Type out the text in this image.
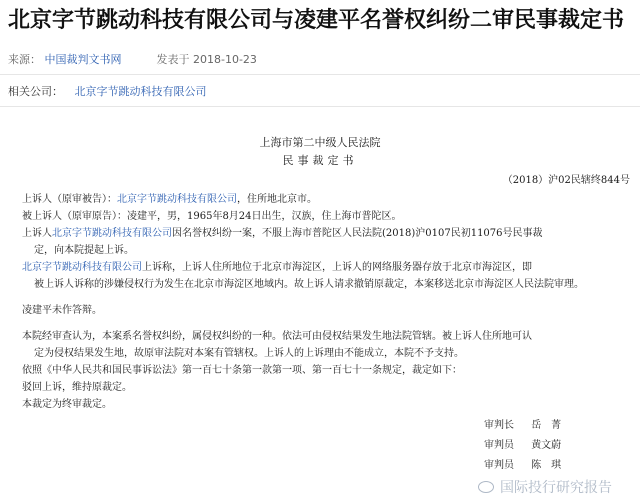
北京字节跳动科技有限公司与凌建平名誉权纠纷二审民事裁定书
来源： 中国裁判文书网	发表于 2018-10-23
相关公司： 北京字节跳动科技有限公司
上海市第二中级人民法院
民事裁定书
（2018）沪02民辖终844号
上诉人（原审被告）：北京字节跳动科技有限公司，住所地北京市。
被上诉人（原审原告）：凌建平，男，1965年8月24日出生，汉族，住上海市普陀区。
上诉人北京字节跳动科技有限公司因名誉权纠纷一案，不服上海市普陀区人民法院(2018)沪0107民初11076号民事裁
定，向本院提起上诉。
北京字节跳动科技有限公司上诉称，上诉人住所地位于北京市海淀区，上诉人的网络服务器存放于北京市海淀区，即
被上诉人诉称的涉嫌侵权行为发生在北京市海淀区地域内。故上诉人请求撤销原裁定，本案移送北京市海淀区人民法院审理。
凌建平未作答辩。
本院经审查认为，本案系名誉权纠纷，属侵权纠纷的一种。依法可由侵权结果发生地法院管辖。被上诉人住所地可认
定为侵权结果发生地，故原审法院对本案有管辖权。上诉人的上诉理由不能成立，本院不予支持。
依照《中华人民共和国民事诉讼法》第一百七十条第一款第一项、第一百七十一条规定，裁定如下：
驳回上诉，维持原裁定。
本裁定为终审裁定。
审判长 岳　菁
审判员 黄文蔚
审判员 陈　琪
国际投行研究报告
